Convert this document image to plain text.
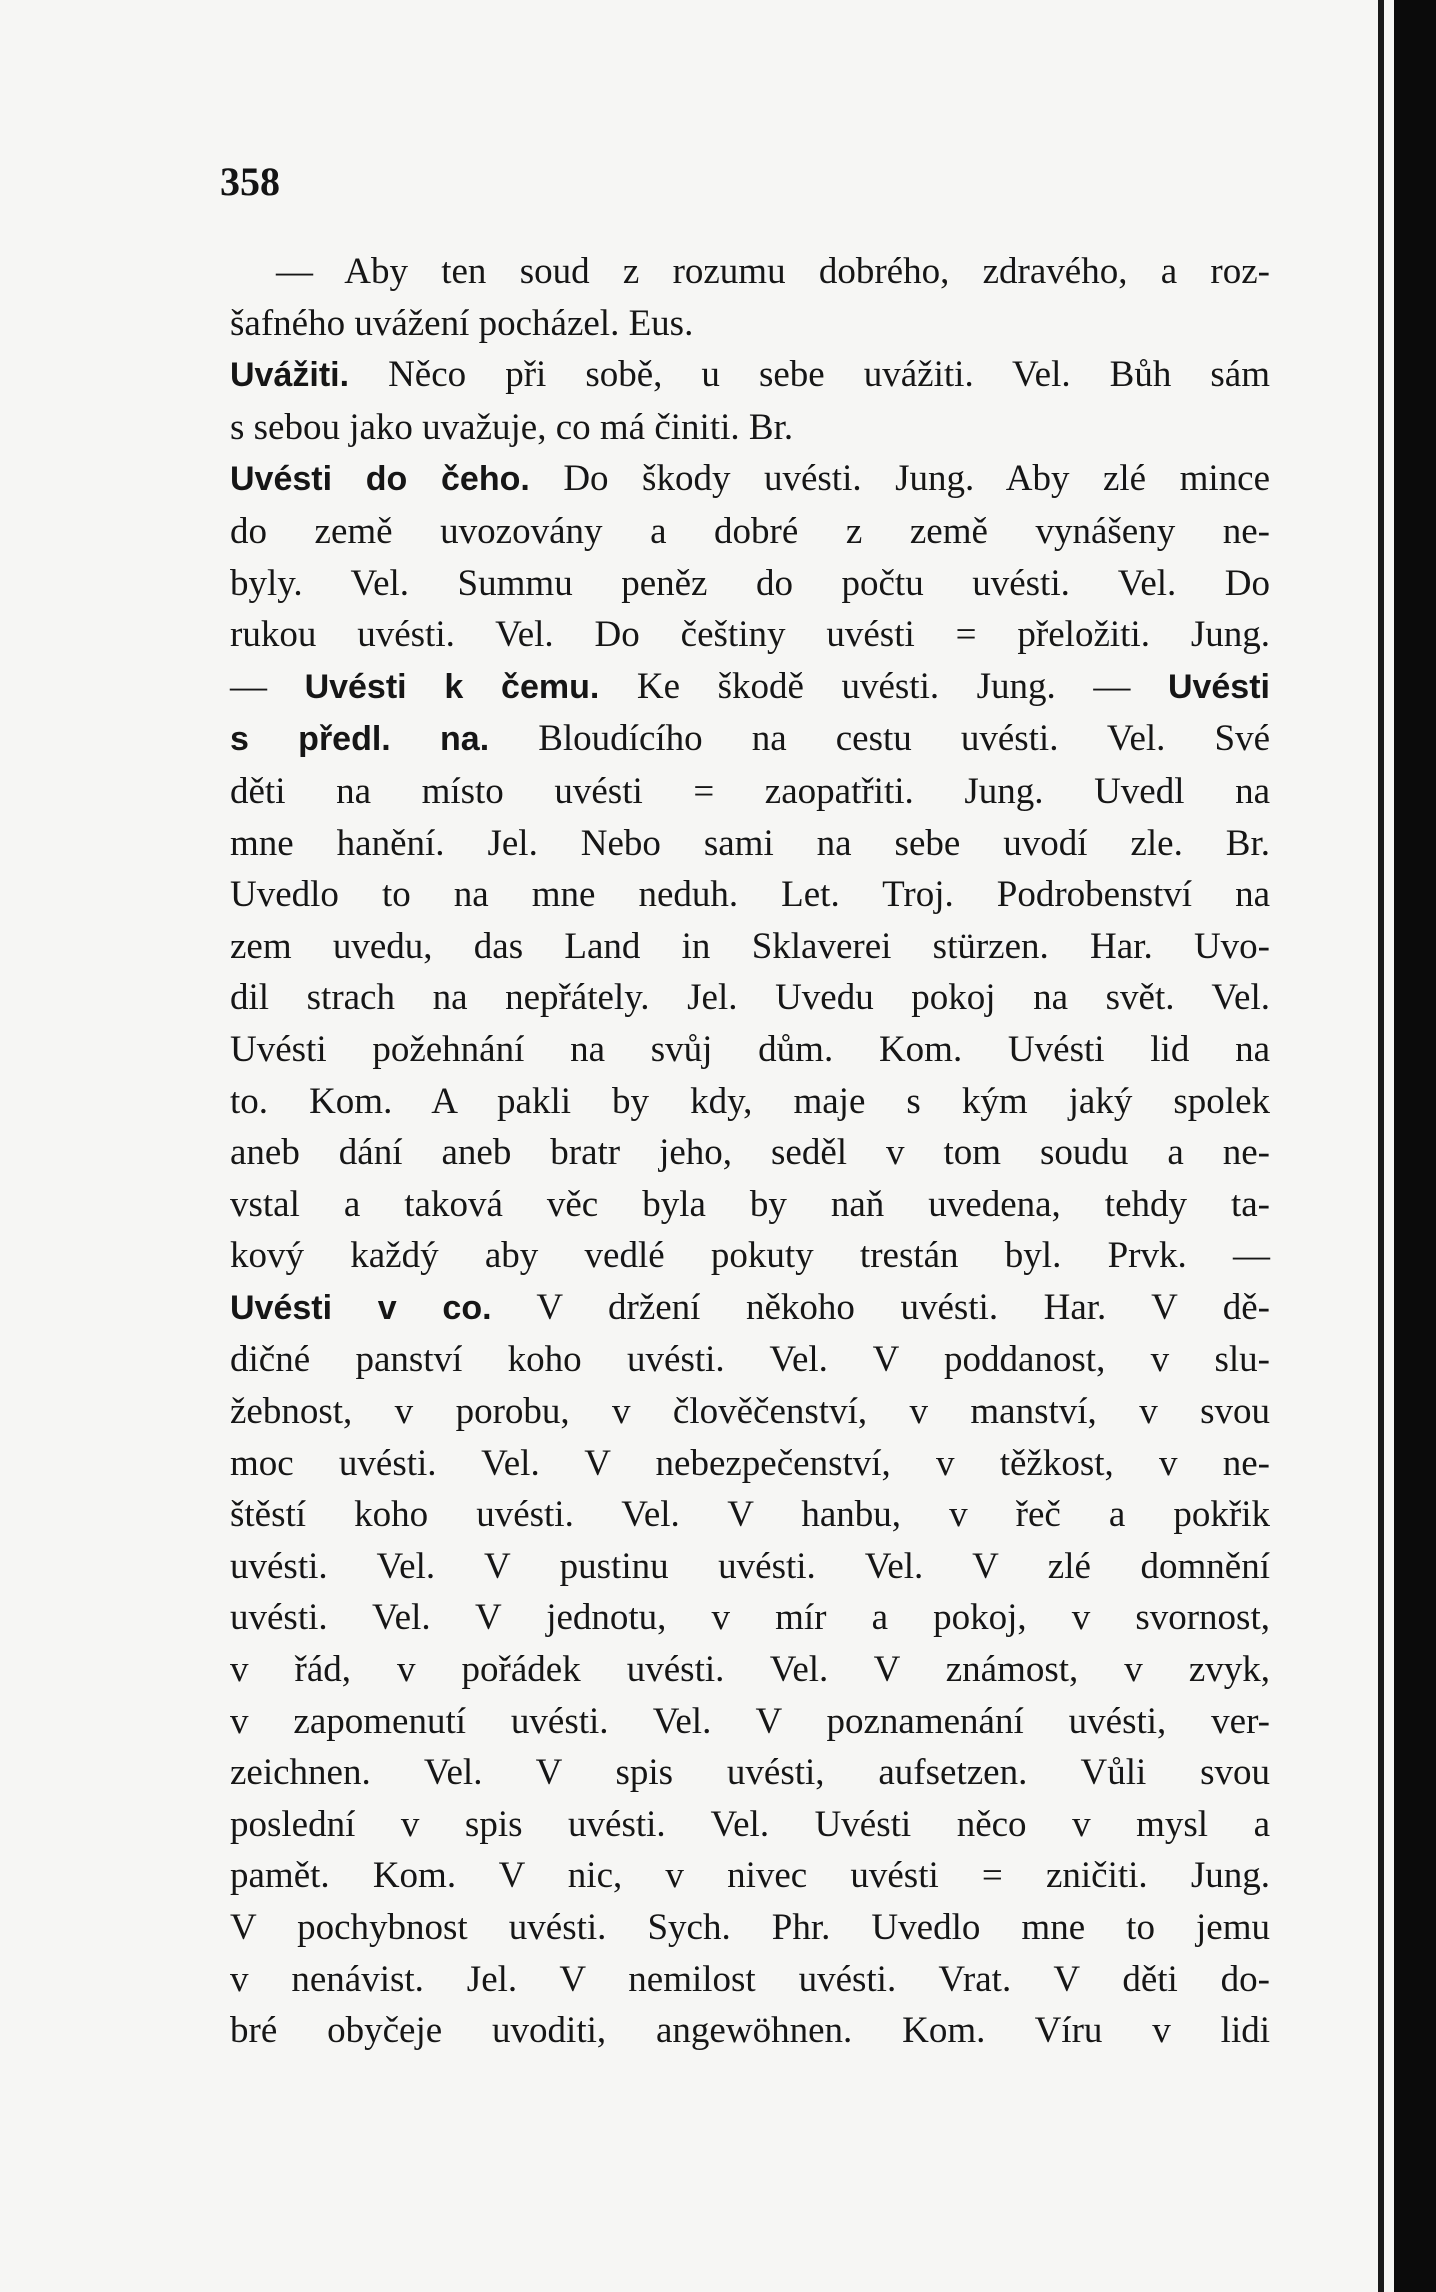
358
— Aby ten soud z rozumu dobrého, zdravého, a roz-
šafného uvážení pocházel. Eus.
Uvážiti. Něco při sobě, u sebe uvážiti. Vel. Bůh sám
s sebou jako uvažuje, co má činiti. Br.
Uvésti do čeho. Do škody uvésti. Jung. Aby zlé mince
do země uvozovány a dobré z země vynášeny ne-
byly. Vel. Summu peněz do počtu uvésti. Vel. Do
rukou uvésti. Vel. Do češtiny uvésti = přeložiti. Jung.
— Uvésti k čemu. Ke škodě uvésti. Jung. — Uvésti
s předl. na. Bloudícího na cestu uvésti. Vel. Své
děti na místo uvésti = zaopatřiti. Jung. Uvedl na
mne hanění. Jel. Nebo sami na sebe uvodí zle. Br.
Uvedlo to na mne neduh. Let. Troj. Podrobenství na
zem uvedu, das Land in Sklaverei stürzen. Har. Uvo-
dil strach na nepřátely. Jel. Uvedu pokoj na svět. Vel.
Uvésti požehnání na svůj dům. Kom. Uvésti lid na
to. Kom. A pakli by kdy, maje s kým jaký spolek
aneb dání aneb bratr jeho, seděl v tom soudu a ne-
vstal a taková věc byla by naň uvedena, tehdy ta-
kový každý aby vedlé pokuty trestán byl. Prvk. —
Uvésti v co. V držení někoho uvésti. Har. V dě-
dičné panství koho uvésti. Vel. V poddanost, v slu-
žebnost, v porobu, v člověčenství, v manství, v svou
moc uvésti. Vel. V nebezpečenství, v těžkost, v ne-
štěstí koho uvésti. Vel. V hanbu, v řeč a pokřik
uvésti. Vel. V pustinu uvésti. Vel. V zlé domnění
uvésti. Vel. V jednotu, v mír a pokoj, v svornost,
v řád, v pořádek uvésti. Vel. V známost, v zvyk,
v zapomenutí uvésti. Vel. V poznamenání uvésti, ver-
zeichnen. Vel. V spis uvésti, aufsetzen. Vůli svou
poslední v spis uvésti. Vel. Uvésti něco v mysl a
pamět. Kom. V nic, v nivec uvésti = zničiti. Jung.
V pochybnost uvésti. Sych. Phr. Uvedlo mne to jemu
v nenávist. Jel. V nemilost uvésti. Vrat. V děti do-
bré obyčeje uvoditi, angewöhnen. Kom. Víru v lidi
